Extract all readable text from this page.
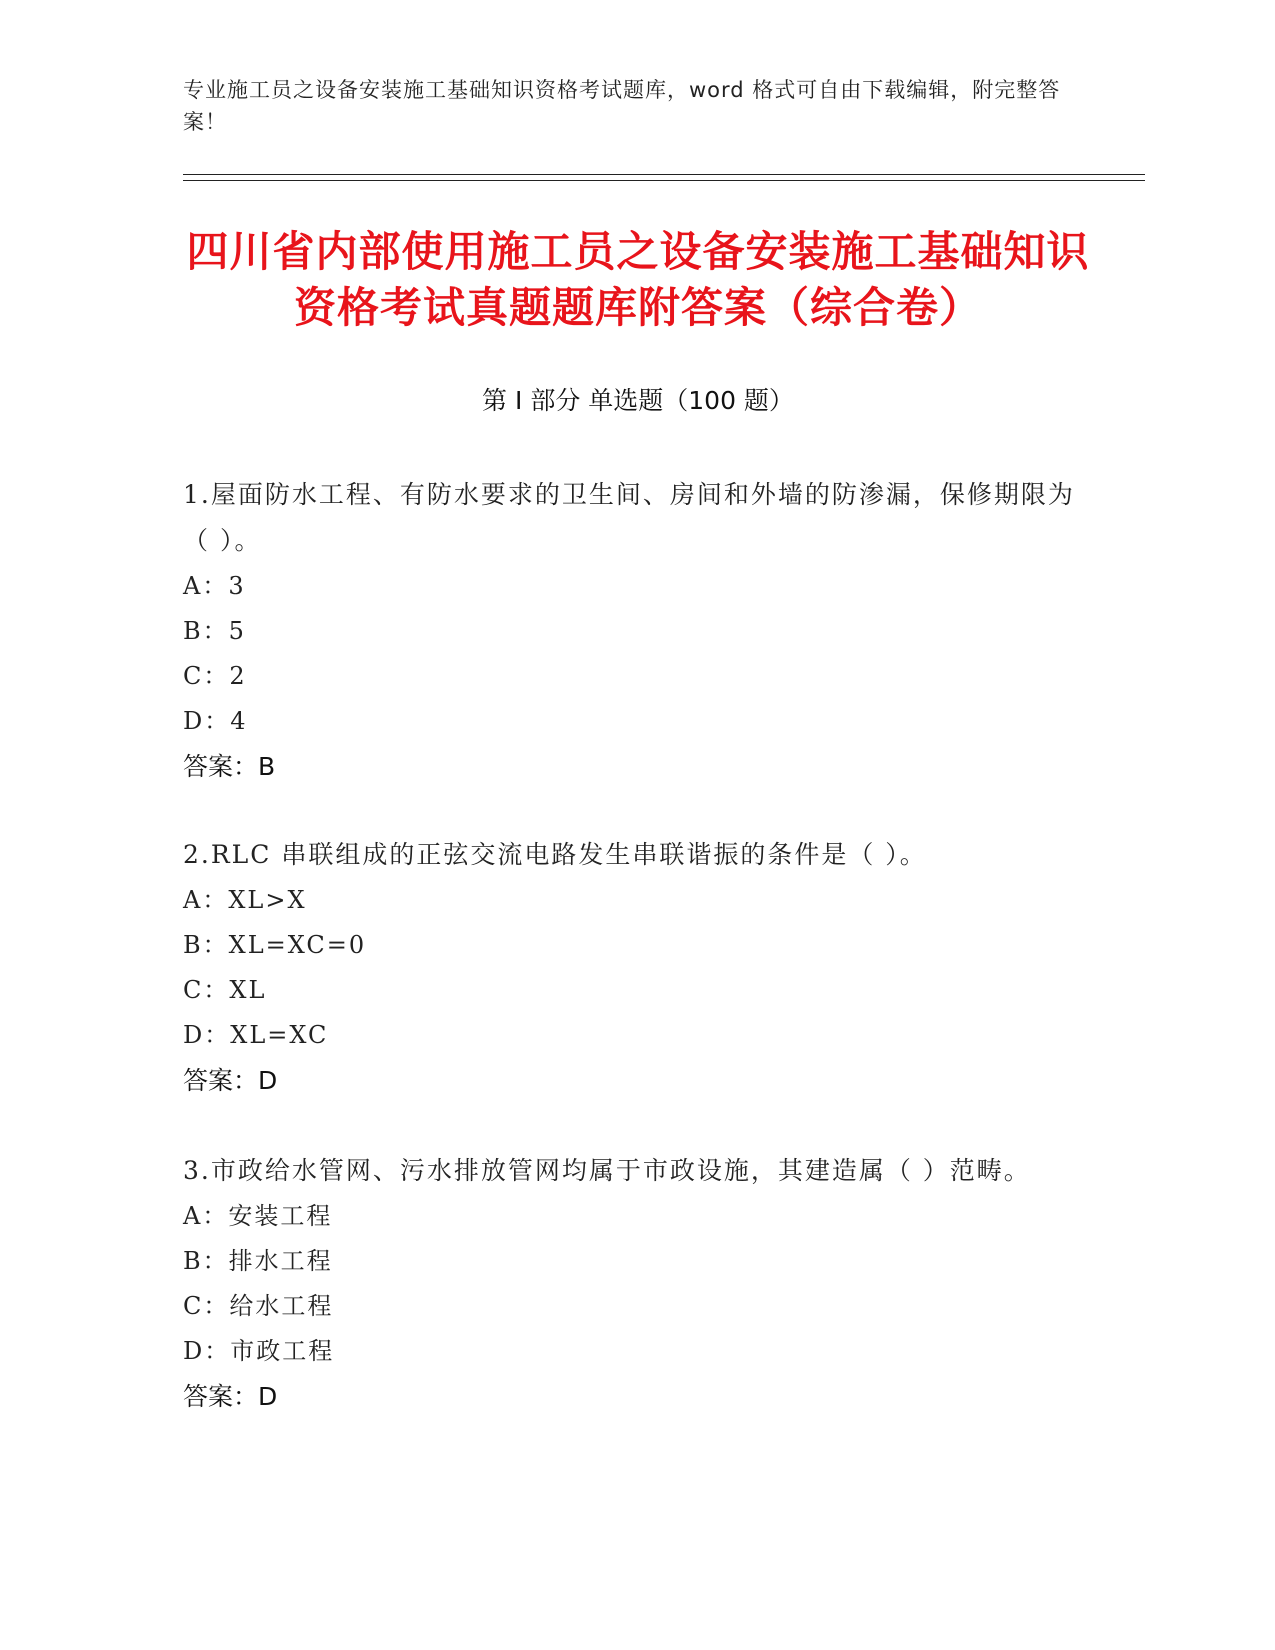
专业施工员之设备安装施工基础知识资格考试题库，word 格式可自由下载编辑，附完整答案！
四川省内部使用施工员之设备安装施工基础知识资格考试真题题库附答案（综合卷）
第 I 部分 单选题（100 题）
1.屋面防水工程、有防水要求的卫生间、房间和外墙的防渗漏，保修期限为（ ）。
A：3
B：5
C：2
D：4
答案：B
2.RLC 串联组成的正弦交流电路发生串联谐振的条件是（ ）。
A：XL>X
B：XL=XC=0
C：XL
D：XL=XC
答案：D
3.市政给水管网、污水排放管网均属于市政设施，其建造属（ ）范畴。
A：安装工程
B：排水工程
C：给水工程
D：市政工程
答案：D
